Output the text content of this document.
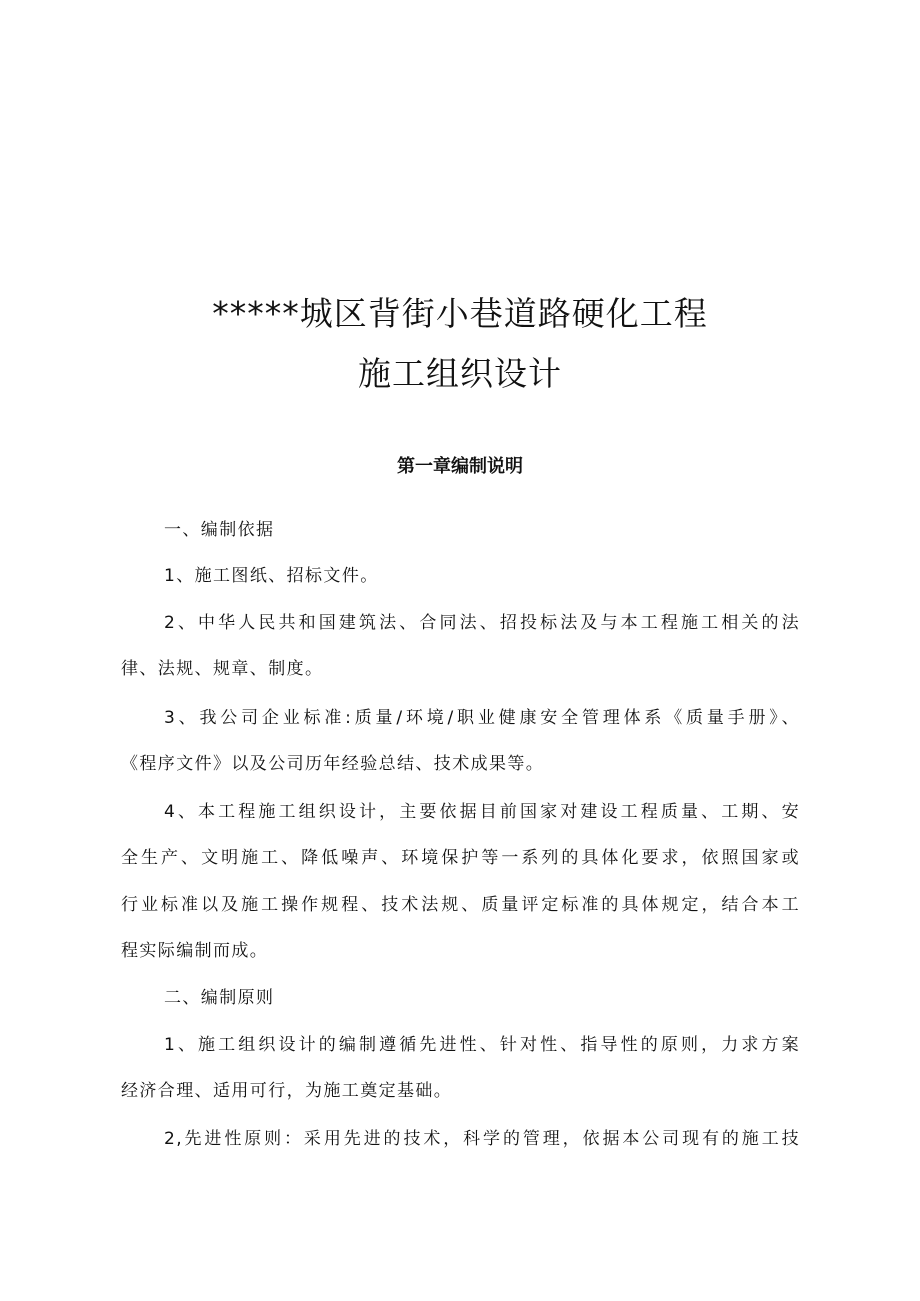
*****城区背街小巷道路硬化工程
施工组织设计
第一章编制说明
一、编制依据
1、施工图纸、招标文件。
2、中华人民共和国建筑法、合同法、招投标法及与本工程施工相关的法
律、法规、规章、制度。
3、我公司企业标准:质量/环境/职业健康安全管理体系《质量手册》、
《程序文件》以及公司历年经验总结、技术成果等。
4、本工程施工组织设计，主要依据目前国家对建设工程质量、工期、安
全生产、文明施工、降低噪声、环境保护等一系列的具体化要求，依照国家或
行业标准以及施工操作规程、技术法规、质量评定标准的具体规定，结合本工
程实际编制而成。
二、编制原则
1、施工组织设计的编制遵循先进性、针对性、指导性的原则，力求方案
经济合理、适用可行，为施工奠定基础。
2,先进性原则：采用先进的技术，科学的管理，依据本公司现有的施工技
